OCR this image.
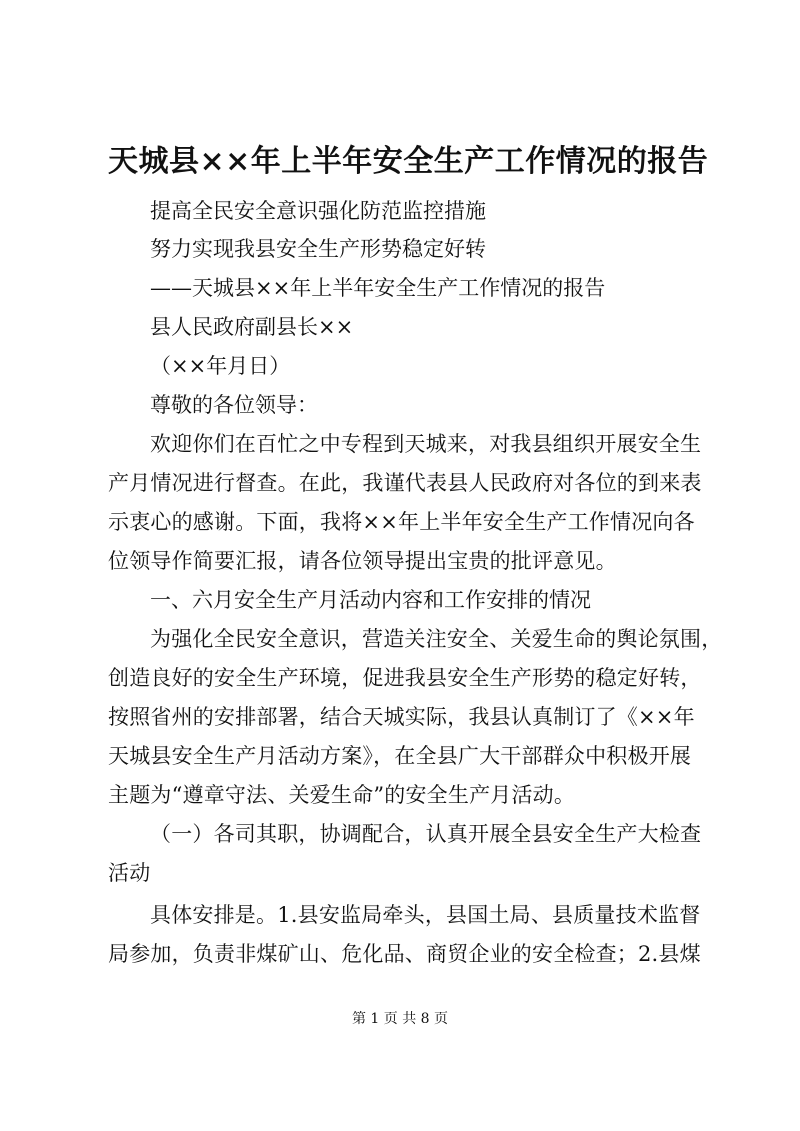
天城县××年上半年安全生产工作情况的报告
提高全民安全意识强化防范监控措施
努力实现我县安全生产形势稳定好转
——天城县××年上半年安全生产工作情况的报告
县人民政府副县长××
（××年月日）
尊敬的各位领导：
欢迎你们在百忙之中专程到天城来，对我县组织开展安全生
产月情况进行督查。在此，我谨代表县人民政府对各位的到来表
示衷心的感谢。下面，我将××年上半年安全生产工作情况向各
位领导作简要汇报，请各位领导提出宝贵的批评意见。
一、六月安全生产月活动内容和工作安排的情况
为强化全民安全意识，营造关注安全、关爱生命的舆论氛围，
创造良好的安全生产环境，促进我县安全生产形势的稳定好转，
按照省州的安排部署，结合天城实际，我县认真制订了《××年
天城县安全生产月活动方案》，在全县广大干部群众中积极开展
主题为“遵章守法、关爱生命”的安全生产月活动。
（一）各司其职，协调配合，认真开展全县安全生产大检查
活动
具体安排是。1.县安监局牵头，县国土局、县质量技术监督
局参加，负责非煤矿山、危化品、商贸企业的安全检查；2.县煤
第 1 页 共 8 页
